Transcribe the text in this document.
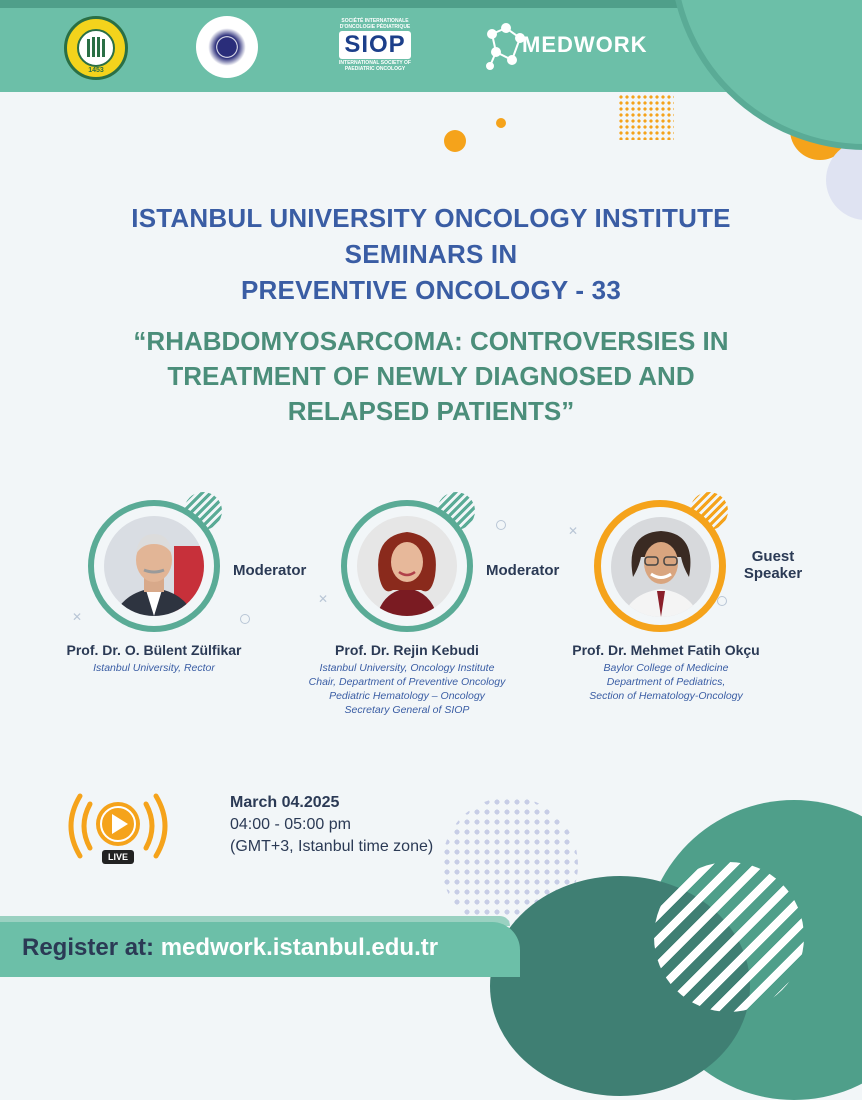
1453
SOCIÉTÉ INTERNATIONALE D'ONCOLOGIE PÉDIATRIQUE
SIOP
INTERNATIONAL SOCIETY OF PAEDIATRIC ONCOLOGY
MEDWORK
ISTANBUL UNIVERSITY ONCOLOGY INSTITUTE
SEMINARS IN
PREVENTIVE ONCOLOGY - 33
“RHABDOMYOSARCOMA: CONTROVERSIES IN
TREATMENT OF NEWLY DIAGNOSED AND
RELAPSED PATIENTS”
✕
✕
✕
Moderator
Prof. Dr. O. Bülent Zülfikar
Istanbul University, Rector
Moderator
Prof. Dr. Rejin Kebudi
Istanbul University, Oncology Institute
Chair, Department of Preventive Oncology
Pediatric Hematology – Oncology
Secretary General of SIOP
Guest
Speaker
Prof. Dr. Mehmet Fatih Okçu
Baylor College of Medicine
Department of Pediatrics,
Section of Hematology-Oncology
LIVE
March 04.2025
04:00 - 05:00 pm
(GMT+3, Istanbul time zone)
Register at: medwork.istanbul.edu.tr
